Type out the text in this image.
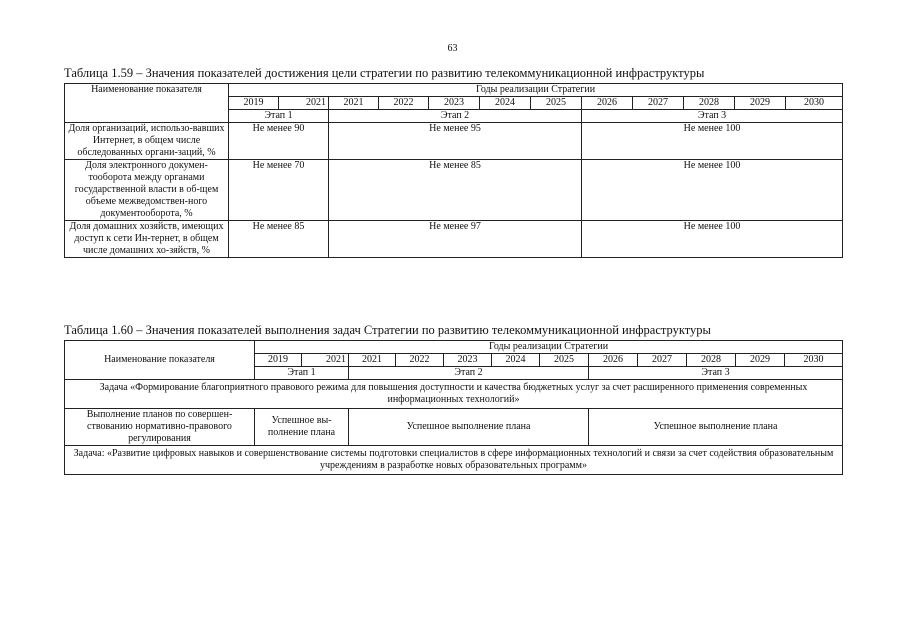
63
Таблица 1.59 – Значения показателей достижения цели стратегии по развитию телекоммуникационной инфраструктуры
Наименование показателя	Годы реализации Стратегии											
	2019	2021	2021	2022	2023	2024	2025	2026	2027	2028	2029	2030
	Этап 1		Этап 2					Этап 3				
Доля организаций, использо-вавших Интернет, в общем числе обследованных органи-заций, %	Не менее 90		Не менее 95					Не менее 100				
Доля электронного докумен-тооборота между органами государственной власти в об-щем объеме межведомствен-ного документооборота, %	Не менее 70		Не менее 85					Не менее 100				
Доля домашних хозяйств, имеющих доступ к сети Ин-тернет, в общем числе домашних хо-зяйств, %	Не менее 85		Не менее 97					Не менее 100				
Таблица 1.60 – Значения показателей выполнения задач Стратегии по развитию телекоммуникационной инфраструктуры
Наименование показателя	Годы реализации Стратегии											
	2019	2021	2021	2022	2023	2024	2025	2026	2027	2028	2029	2030
	Этап 1		Этап 2					Этап 3				
Задача «Формирование благоприятного правового режима для повышения доступности и качества бюджетных услуг за счет расширенного применения современных информационных технологий»												
Выполнение планов по совершен-ствованию нормативно-правового регулирования	Успешное вы-полнение плана		Успешное выполнение плана					Успешное выполнение плана				
Задача: «Развитие цифровых навыков и совершенствование системы подготовки специалистов в сфере информационных технологий и связи за счет содействия образовательным учреждениям в разработке новых образовательных программ»												
